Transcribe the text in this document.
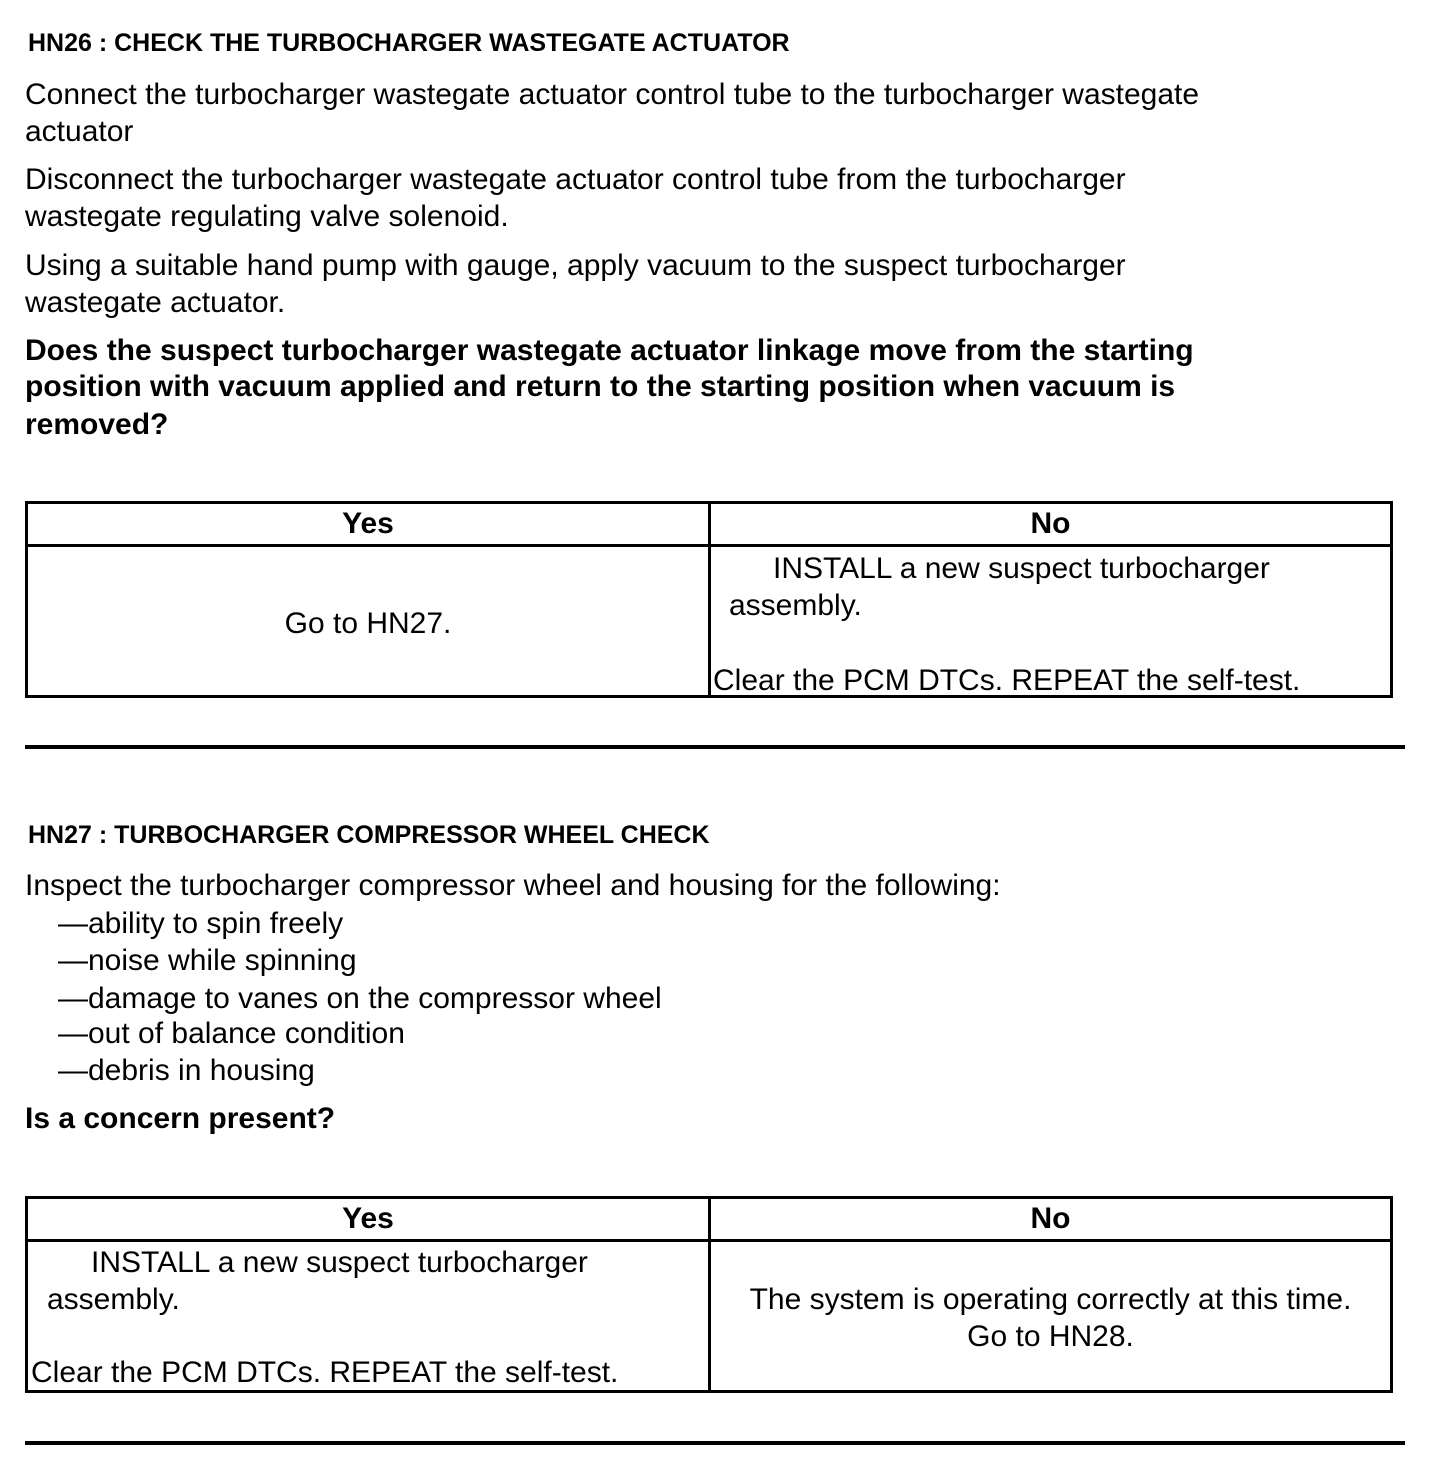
HN26 : CHECK THE TURBOCHARGER WASTEGATE ACTUATOR
Connect the turbocharger wastegate actuator control tube to the turbocharger wastegate
actuator
Disconnect the turbocharger wastegate actuator control tube from the turbocharger
wastegate regulating valve solenoid.
Using a suitable hand pump with gauge, apply vacuum to the suspect turbocharger
wastegate actuator.
Does the suspect turbocharger wastegate actuator linkage move from the starting
position with vacuum applied and return to the starting position when vacuum is
removed?
Yes	No
Go to HN27.
INSTALL a new suspect turbocharger
assembly.
Clear the PCM DTCs. REPEAT the self-test.
HN27 : TURBOCHARGER COMPRESSOR WHEEL CHECK
Inspect the turbocharger compressor wheel and housing for the following:
—ability to spin freely
—noise while spinning
—damage to vanes on the compressor wheel
—out of balance condition
—debris in housing
Is a concern present?
Yes	No
INSTALL a new suspect turbocharger
assembly.
Clear the PCM DTCs. REPEAT the self-test.
The system is operating correctly at this time.
Go to HN28.
